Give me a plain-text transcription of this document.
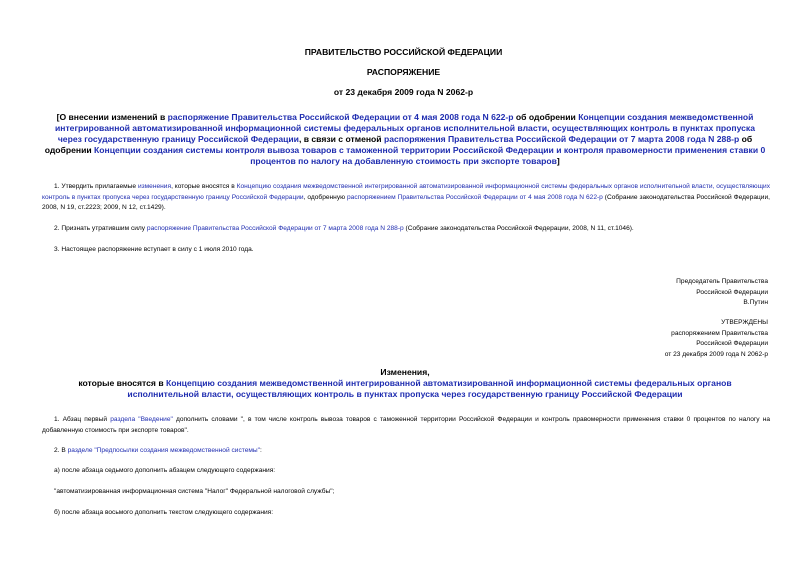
ПРАВИТЕЛЬСТВО РОССИЙСКОЙ ФЕДЕРАЦИИ
РАСПОРЯЖЕНИЕ
от 23 декабря 2009 года N 2062-р
[О внесении изменений в распоряжение Правительства Российской Федерации от 4 мая 2008 года N 622-р об одобрении Концепции создания межведомственной интегрированной автоматизированной информационной системы федеральных органов исполнительной власти, осуществляющих контроль в пунктах пропуска через государственную границу Российской Федерации, в связи с отменой распоряжения Правительства Российской Федерации от 7 марта 2008 года N 288-р об одобрении Концепции создания системы контроля вывоза товаров с таможенной территории Российской Федерации и контроля правомерности применения ставки 0 процентов по налогу на добавленную стоимость при экспорте товаров]
1. Утвердить прилагаемые изменения, которые вносятся в Концепцию создания межведомственной интегрированной автоматизированной информационной системы федеральных органов исполнительной власти, осуществляющих контроль в пунктах пропуска через государственную границу Российской Федерации, одобренную распоряжением Правительства Российской Федерации от 4 мая 2008 года N 622-р (Собрание законодательства Российской Федерации, 2008, N 19, ст.2223; 2009, N 12, ст.1429).
2. Признать утратившим силу распоряжение Правительства Российской Федерации от 7 марта 2008 года N 288-р (Собрание законодательства Российской Федерации, 2008, N 11, ст.1046).
3. Настоящее распоряжение вступает в силу с 1 июля 2010 года.
Председатель Правительства
Российской Федерации
В.Путин
УТВЕРЖДЕНЫ
распоряжением Правительства
Российской Федерации
от 23 декабря 2009 года N 2062-р
Изменения,
которые вносятся в Концепцию создания межведомственной интегрированной автоматизированной информационной системы федеральных органов исполнительной власти, осуществляющих контроль в пунктах пропуска через государственную границу Российской Федерации
1. Абзац первый раздела "Введение" дополнить словами ", в том числе контроль вывоза товаров с таможенной территории Российской Федерации и контроль правомерности применения ставки 0 процентов по налогу на добавленную стоимость при экспорте товаров".
2. В разделе "Предпосылки создания межведомственной системы":
а) после абзаца седьмого дополнить абзацем следующего содержания:
"автоматизированная информационная система "Налог" Федеральной налоговой службы";
б) после абзаца восьмого дополнить текстом следующего содержания:
